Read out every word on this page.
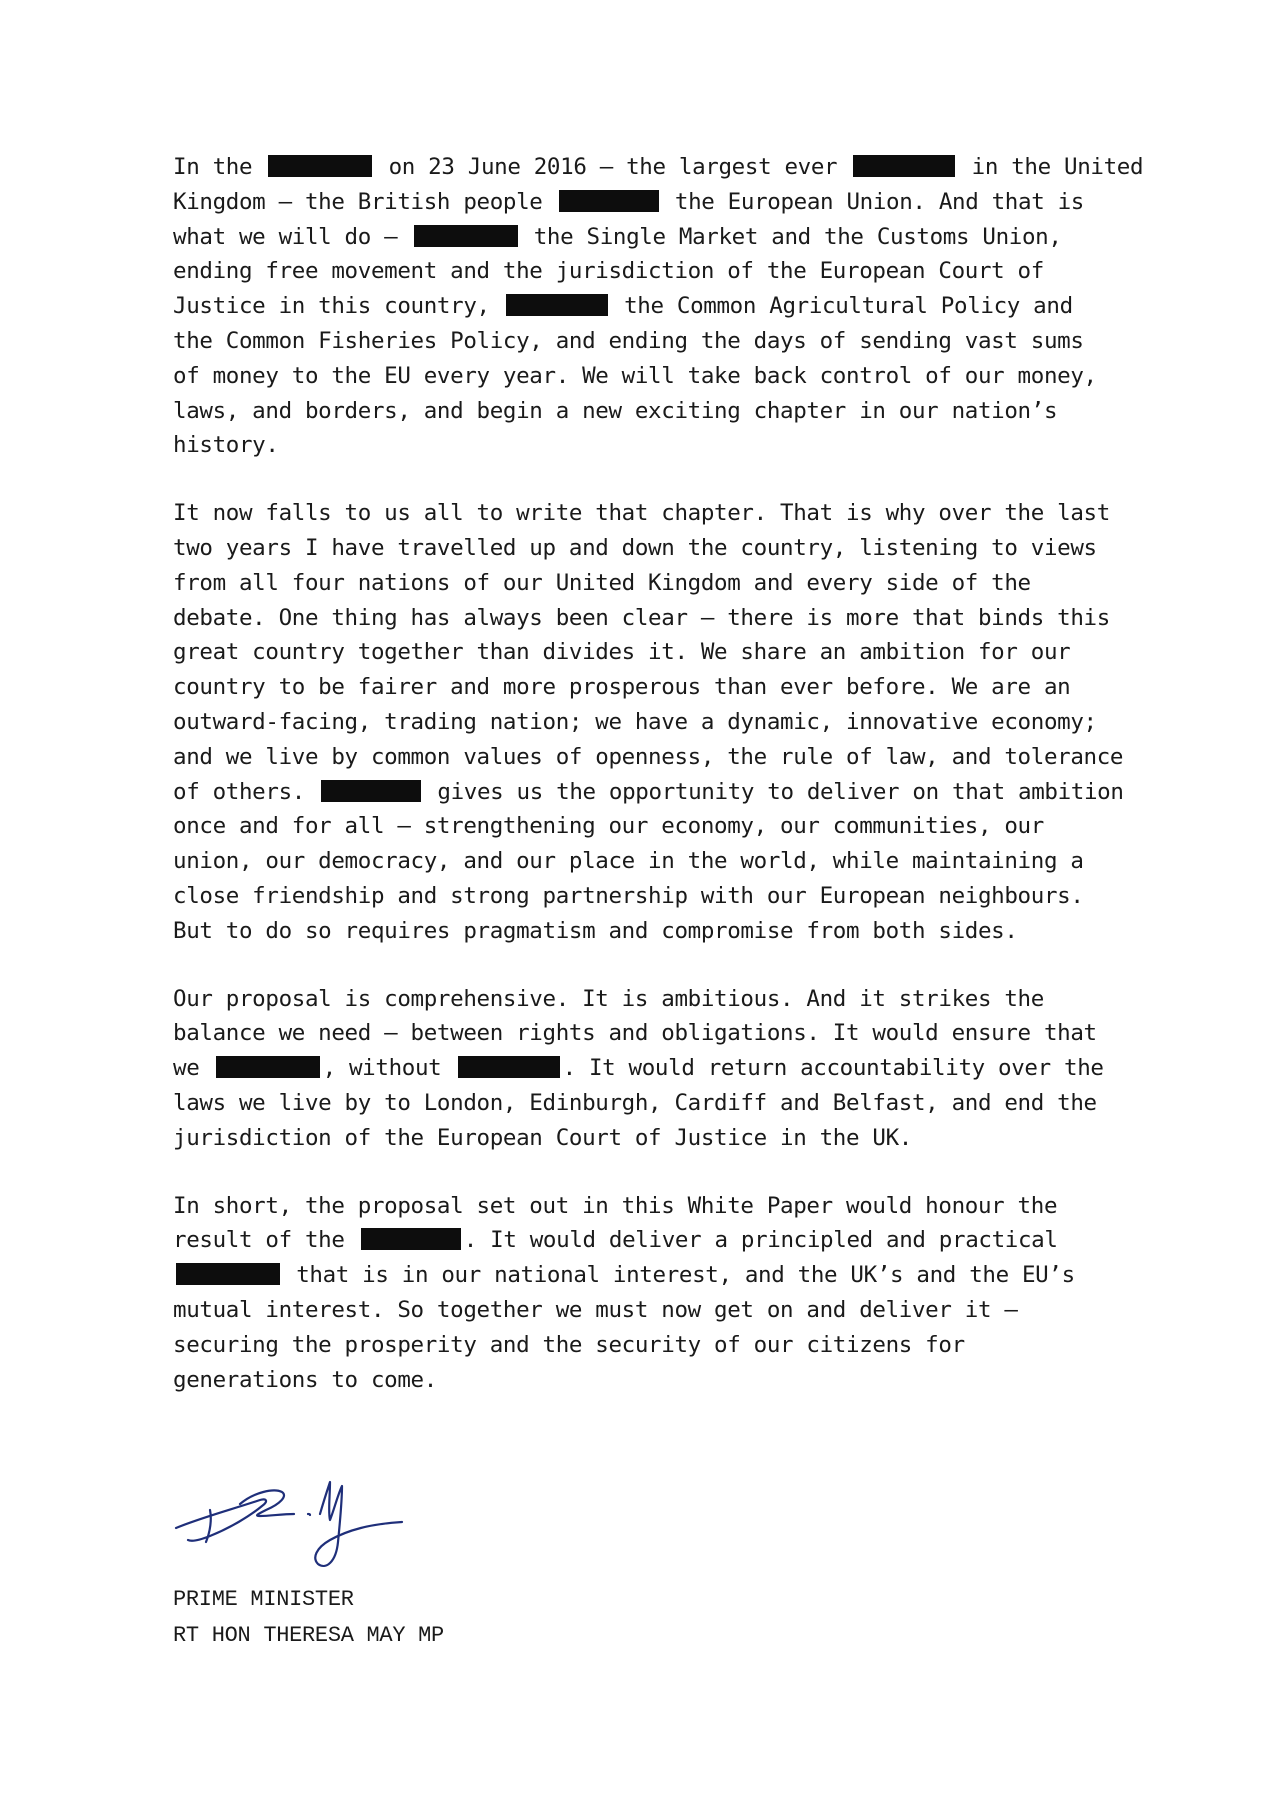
In the	on 23 June 2016 – the largest ever	in the United
Kingdom – the British people	the European Union. And that is
what we will do –	the Single Market and the Customs Union,
ending free movement and the jurisdiction of the European Court of
Justice in this country,	the Common Agricultural Policy and
the Common Fisheries Policy, and ending the days of sending vast sums
of money to the EU every year. We will take back control of our money,
laws, and borders, and begin a new exciting chapter in our nation’s
history.
It now falls to us all to write that chapter. That is why over the last
two years I have travelled up and down the country, listening to views
from all four nations of our United Kingdom and every side of the
debate. One thing has always been clear – there is more that binds this
great country together than divides it. We share an ambition for our
country to be fairer and more prosperous than ever before. We are an
outward-facing, trading nation; we have a dynamic, innovative economy;
and we live by common values of openness, the rule of law, and tolerance
of others.	gives us the opportunity to deliver on that ambition
once and for all – strengthening our economy, our communities, our
union, our democracy, and our place in the world, while maintaining a
close friendship and strong partnership with our European neighbours.
But to do so requires pragmatism and compromise from both sides.
Our proposal is comprehensive. It is ambitious. And it strikes the
balance we need – between rights and obligations. It would ensure that
we	, without	. It would return accountability over the
laws we live by to London, Edinburgh, Cardiff and Belfast, and end the
jurisdiction of the European Court of Justice in the UK.
In short, the proposal set out in this White Paper would honour the
result of the	. It would deliver a principled and practical
that is in our national interest, and the UK’s and the EU’s
mutual interest. So together we must now get on and deliver it –
securing the prosperity and the security of our citizens for
generations to come.
PRIME MINISTER
RT HON THERESA MAY MP
